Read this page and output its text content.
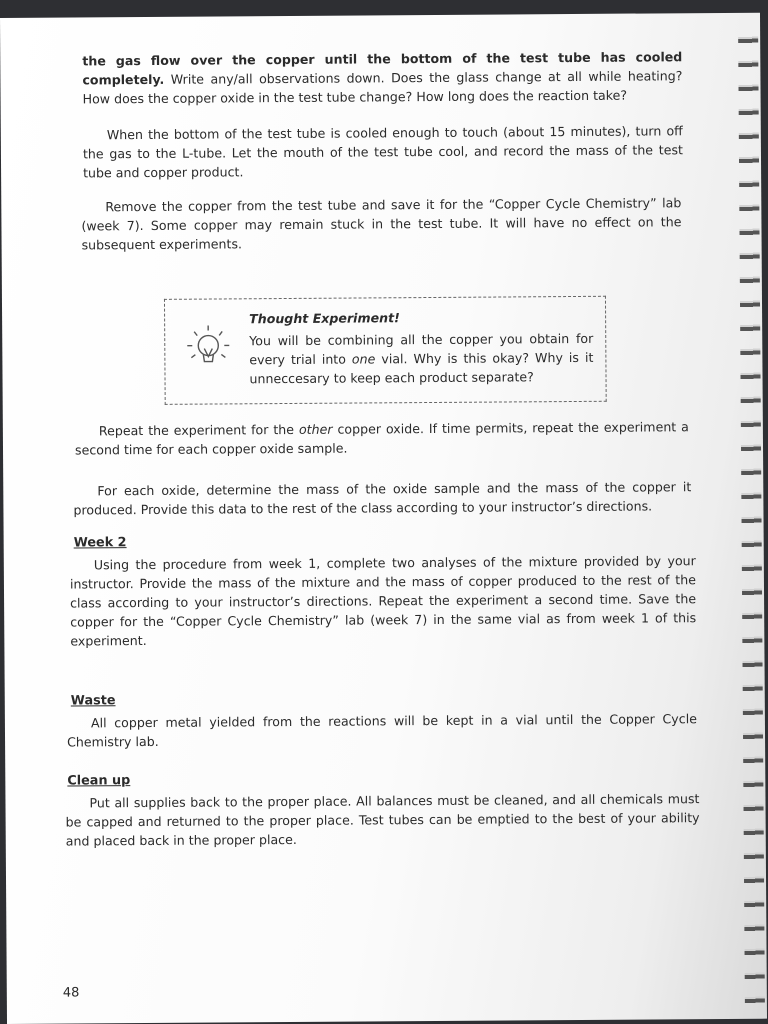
the gas flow over the copper until the bottom of the test tube has cooled completely. Write any/all observations down. Does the glass change at all while heating? How does the copper oxide in the test tube change? How long does the reaction take?

When the bottom of the test tube is cooled enough to touch (about 15 minutes), turn off the gas to the L-tube. Let the mouth of the test tube cool, and record the mass of the test tube and copper product.

Remove the copper from the test tube and save it for the “Copper Cycle Chemistry” lab (week 7). Some copper may remain stuck in the test tube. It will have no effect on the subsequent experiments.

Thought Experiment!

You will be combining all the copper you obtain for every trial into one vial. Why is this okay? Why is it unneccesary to keep each product separate?

Repeat the experiment for the other copper oxide. If time permits, repeat the experiment a second time for each copper oxide sample.

For each oxide, determine the mass of the oxide sample and the mass of the copper it produced. Provide this data to the rest of the class according to your instructor’s directions.

Week 2

Using the procedure from week 1, complete two analyses of the mixture provided by your instructor. Provide the mass of the mixture and the mass of copper produced to the rest of the class according to your instructor’s directions. Repeat the experiment a second time. Save the copper for the “Copper Cycle Chemistry” lab (week 7) in the same vial as from week 1 of this experiment.

Waste

All copper metal yielded from the reactions will be kept in a vial until the Copper Cycle Chemistry lab.

Clean up

Put all supplies back to the proper place. All balances must be cleaned, and all chemicals must be capped and returned to the proper place. Test tubes can be emptied to the best of your ability and placed back in the proper place.

48
